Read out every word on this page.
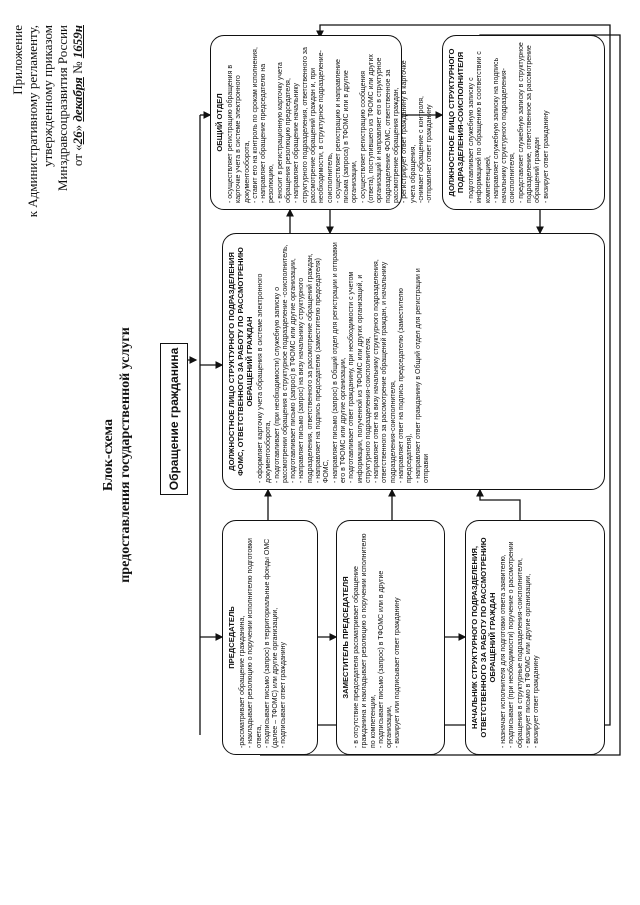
Приложение к Административному регламенту, утвержденному приказом Минздравсоцразвития России от «26» декабря № 1659н
Блок-схема предоставления государственной услуги	Обращение гражданина
ПРЕДСЕДАТЕЛЬ -рассматривает обращение гражданина, - накладывает резолюцию о поручении исполнителю подготовки ответа, - подписывает письмо (запрос) в территориальные фонды ОМС (далее – ТФОМС) или другие организации, - подписывает ответ гражданину	ЗАМЕСТИТЕЛЬ ПРЕДСЕДАТЕЛЯ - в отсутствие председателя рассматривает обращение гражданина и накладывает резолюцию о поручении исполнителю по компетенции, - подписывает письмо (запрос) в ТФОМС или в другие организации, - визирует или подписывает ответ гражданину	НАЧАЛЬНИК СТРУКТУРНОГО ПОДРАЗДЕЛЕНИЯ, ОТВЕТСТВЕННОГО ЗА РАБОТУ ПО РАССМОТРЕНИЮ ОБРАЩЕНИЙ ГРАЖДАН - назначает исполнителя для подготовки ответа заявителю, - подписывает (при необходимости) поручение о рассмотрении обращения в структурные подразделения-соисполнители, - визирует письмо в ТФОМС или другие организации, - визирует ответ гражданину
ДОЛЖНОСТНОЕ ЛИЦО СТРУКТУРНОГО ПОДРАЗДЕЛЕНИЯ ФОМС, ОТВЕТСТВЕННОГО ЗА РАБОТУ ПО РАССМОТРЕНИЮ ОБРАЩЕНИЙ ГРАЖДАН - оформляет карточку учета обращения в системе электронного документооборота, - подготавливает (при необходимости) служебную записку о рассмотрении обращения в структурное подразделение -соисполнитель, - подготавливает письмо (запрос) в ТФОМС или другие организации, - направляет письмо (запрос) на визу начальнику структурного подразделения, ответственного за рассмотрение обращений граждан, - направляет на подпись председателю (заместителю председателя) ФОМС, - направляет письмо (запрос) в Общий отдел для регистрации и отправки его в ТФОМС или другие организации, - подготавливает ответ гражданину, при необходимости с учетом информации, полученной из ТФОМС или других организаций, и структурного подразделения-соисполнителя, - направляет ответ на визу начальнику структурного подразделения, ответственного за рассмотрение обращений граждан, и начальнику подразделения-соисполнителя, - направляет ответ на подпись председателю (заместителю председателя), - направляет ответ гражданину в Общий отдел для регистрации и отправки
ОБЩИЙ ОТДЕЛ - осуществляет регистрацию обращения в карточке учета в системе электронного документооборота, - ставит его на контроль по срокам исполнения, - направляет обращение председателю на резолюцию, - вносит в регистрационную карточку учета обращения резолюцию председателя, - направляет обращение начальнику структурного подразделения, ответственного за рассмотрение обращений граждан и, при необходимости, в структурное подразделение-соисполнитель, - осуществляет регистрацию и направление письма (запроса) в ТФОМС или в другие организации, - осуществляет регистрацию сообщения (ответа), поступившего из ТФОМС или других организаций и направляет его в структурное подразделение ФОМС, ответственное за рассмотрение обращения граждан, - регистрирует ответ гражданину в карточке учета обращения, -снимает обращение с контроля, -отправляет ответ гражданину ДОЛЖНОСТНОЕ ЛИЦО СТРУКТУРНОГО ПОДРАЗДЕЛЕНИЯ-СОИСПОЛНИТЕЛЯ - подготавливает служебную записку с информацией по обращению в соответствии с компетенцией, - направляет служебную записку на подпись начальнику структурного подразделения-соисполнителя, - представляет служебную записку в структурное подразделение, ответственное за рассмотрение обращений граждан - визирует ответ гражданину
